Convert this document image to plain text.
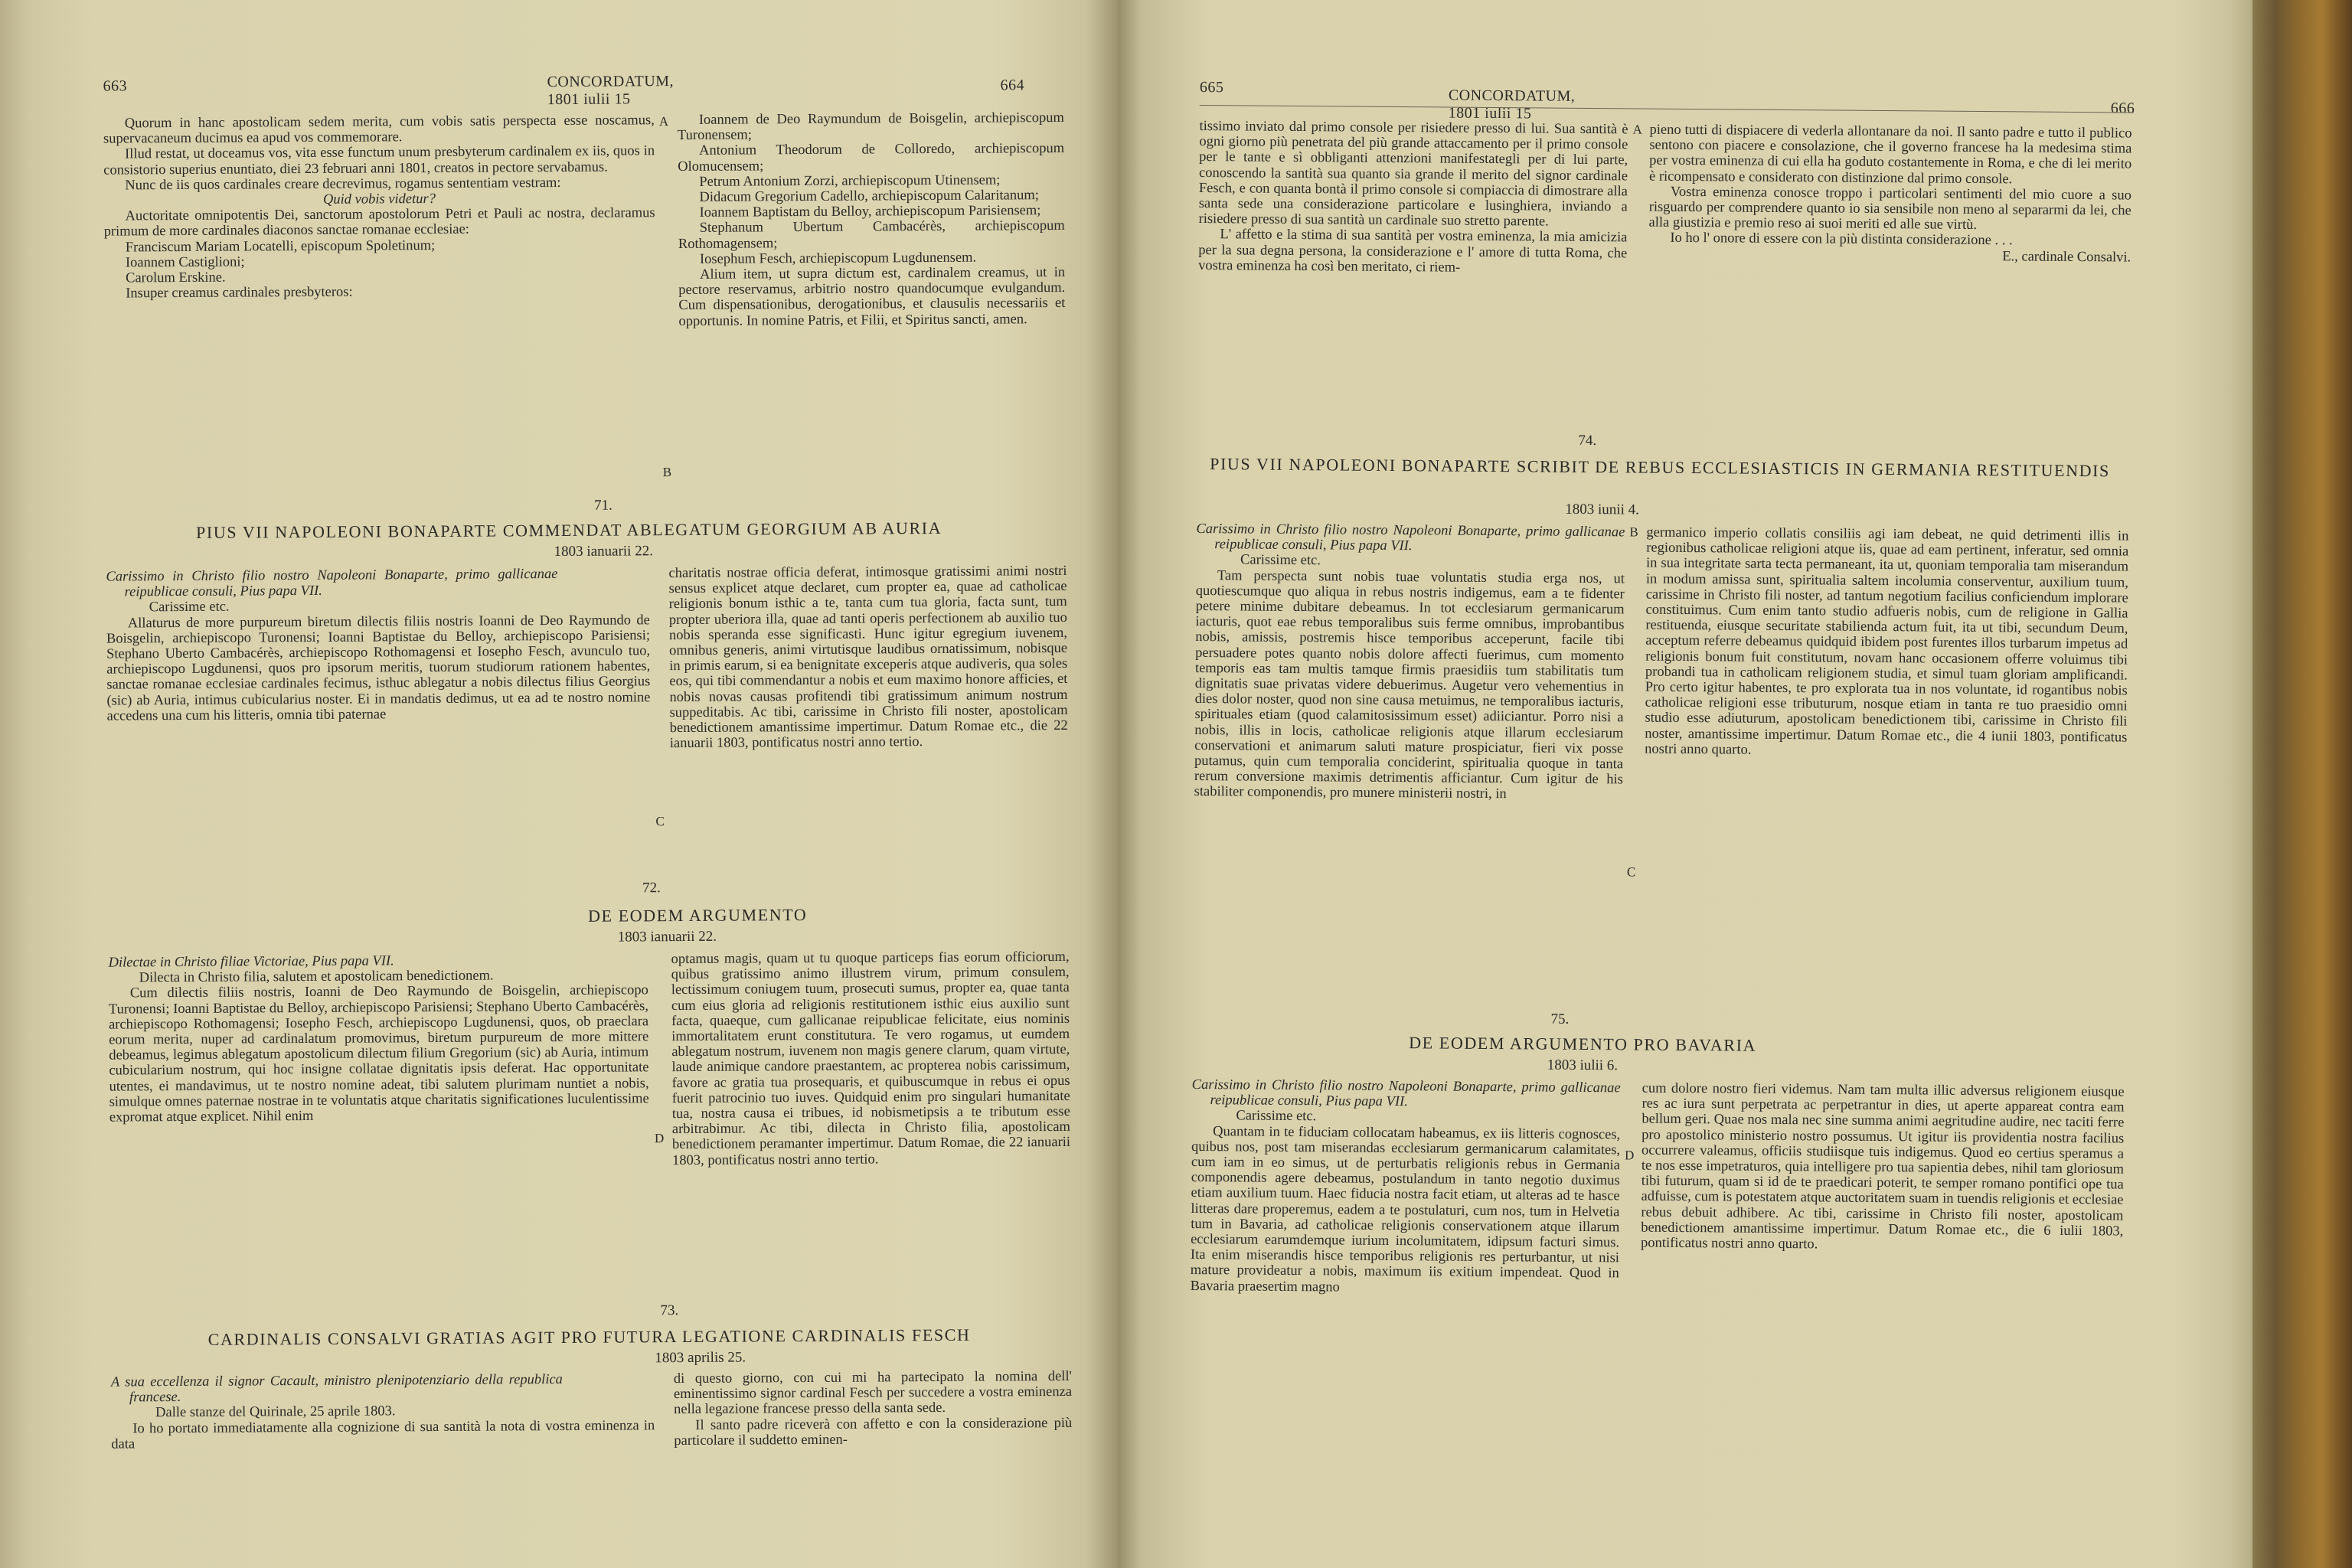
663	CONCORDATUM, 1801 iulii 15
664

Quorum in hanc apostolicam sedem merita, cum vobis satis perspecta esse noscamus, supervacaneum ducimus ea apud vos commemorare.

Illud restat, ut doceamus vos, vita esse functum unum presbyterum cardinalem ex iis, quos in consistorio superius enuntiato, diei 23 februari anni 1801, creatos in pectore servabamus.

Nunc de iis quos cardinales creare decrevimus, rogamus sententiam vestram:

Quid vobis videtur?

Auctoritate omnipotentis Dei, sanctorum apostolorum Petri et Pauli ac nostra, declaramus primum de more cardinales diaconos sanctae romanae ecclesiae:

Franciscum Mariam Locatelli, episcopum Spoletinum;

Ioannem Castiglioni;

Carolum Erskine.

Insuper creamus cardinales presbyteros:

Ioannem de Deo Raymundum de Boisgelin, archiepiscopum Turonensem;

Antonium Theodorum de Colloredo, archiepiscopum Olomucensem;

Petrum Antonium Zorzi, archiepiscopum Utinensem;

Didacum Gregorium Cadello, archiepiscopum Calaritanum;

Ioannem Baptistam du Belloy, archiepiscopum Parisiensem;

Stephanum Ubertum Cambacérès, archiepiscopum Rothomagensem;

Iosephum Fesch, archiepiscopum Lugdunensem.

Alium item, ut supra dictum est, cardinalem creamus, ut in pectore reservamus, arbitrio nostro quandocumque evulgandum. Cum dispensationibus, derogationibus, et clausulis necessariis et opportunis. In nomine Patris, et Filii, et Spiritus sancti, amen.

A
B
71.
PIUS VII NAPOLEONI BONAPARTE COMMENDAT ABLEGATUM GEORGIUM AB AURIA
1803 ianuarii 22.

Carissimo in Christo filio nostro Napoleoni Bonaparte, primo gallicanae reipublicae consuli, Pius papa VII.

Carissime etc.

Allaturus de more purpureum biretum dilectis filiis nostris Ioanni de Deo Raymundo de Boisgelin, archiepiscopo Turonensi; Ioanni Baptistae du Belloy, archiepiscopo Parisiensi; Stephano Uberto Cambacérès, archiepiscopo Rothomagensi et Iosepho Fesch, avunculo tuo, archiepiscopo Lugdunensi, quos pro ipsorum meritis, tuorum studiorum rationem habentes, sanctae romanae ecclesiae cardinales fecimus, isthuc ablegatur a nobis dilectus filius Georgius (sic) ab Auria, intimus cubicularius noster. Ei in mandatis dedimus, ut ea ad te nostro nomine accedens una cum his litteris, omnia tibi paternae

charitatis nostrae officia deferat, intimosque gratissimi animi nostri sensus explicet atque declaret, cum propter ea, quae ad catholicae religionis bonum isthic a te, tanta cum tua gloria, facta sunt, tum propter uberiora illa, quae ad tanti operis perfectionem ab auxilio tuo nobis speranda esse significasti. Hunc igitur egregium iuvenem, omnibus generis, animi virtutisque laudibus ornatissimum, nobisque in primis earum, si ea benignitate exceperis atque audiveris, qua soles eos, qui tibi commendantur a nobis et eum maximo honore afficies, et nobis novas causas profitendi tibi gratissimum animum nostrum suppeditabis. Ac tibi, carissime in Christo fili noster, apostolicam benedictionem amantissime impertimur. Datum Romae etc., die 22 ianuarii 1803, pontificatus nostri anno tertio.

C
72.
DE EODEM ARGUMENTO
1803 ianuarii 22.

Dilectae in Christo filiae Victoriae, Pius papa VII.

Dilecta in Christo filia, salutem et apostolicam benedictionem.

Cum dilectis filiis nostris, Ioanni de Deo Raymundo de Boisgelin, archiepiscopo Turonensi; Ioanni Baptistae du Belloy, archiepiscopo Parisiensi; Stephano Uberto Cambacérès, archiepiscopo Rothomagensi; Iosepho Fesch, archiepiscopo Lugdunensi, quos, ob praeclara eorum merita, nuper ad cardinalatum promovimus, biretum purpureum de more mittere debeamus, legimus ablegatum apostolicum dilectum filium Gregorium (sic) ab Auria, intimum cubicularium nostrum, qui hoc insigne collatae dignitatis ipsis deferat. Hac opportunitate utentes, ei mandavimus, ut te nostro nomine adeat, tibi salutem plurimam nuntiet a nobis, simulque omnes paternae nostrae in te voluntatis atque charitatis significationes luculentissime expromat atque explicet. Nihil enim

optamus magis, quam ut tu quoque particeps fias eorum officiorum, quibus gratissimo animo illustrem virum, primum consulem, lectissimum coniugem tuum, prosecuti sumus, propter ea, quae tanta cum eius gloria ad religionis restitutionem isthic eius auxilio sunt facta, quaeque, cum gallicanae reipublicae felicitate, eius nominis immortalitatem erunt constitutura. Te vero rogamus, ut eumdem ablegatum nostrum, iuvenem non magis genere clarum, quam virtute, laude animique candore praestantem, ac propterea nobis carissimum, favore ac gratia tua prosequaris, et quibuscumque in rebus ei opus fuerit patrocinio tuo iuves. Quidquid enim pro singulari humanitate tua, nostra causa ei tribues, id nobismetipsis a te tributum esse arbitrabimur. Ac tibi, dilecta in Christo filia, apostolicam benedictionem peramanter impertimur. Datum Romae, die 22 ianuarii 1803, pontificatus nostri anno tertio.

D
73.
CARDINALIS CONSALVI GRATIAS AGIT PRO FUTURA LEGATIONE CARDINALIS FESCH
1803 aprilis 25.

A sua eccellenza il signor Cacault, ministro plenipotenziario della republica francese.

Dalle stanze del Quirinale, 25 aprile 1803.

Io ho portato immediatamente alla cognizione di sua santità la nota di vostra eminenza in data

di questo giorno, con cui mi ha partecipato la nomina dell' eminentissimo signor cardinal Fesch per succedere a vostra eminenza nella legazione francese presso della santa sede.

Il santo padre riceverà con affetto e con la considerazione più particolare il suddetto eminen-

665	CONCORDATUM, 1801 iulii 15	666

tissimo inviato dal primo console per risiedere presso di lui. Sua santità è ogni giorno più penetrata del più grande attaccamento per il primo console per le tante e sì obbliganti attenzioni manifestategli per di lui parte, conoscendo la santità sua quanto sia grande il merito del signor cardinale Fesch, e con quanta bontà il primo console si compiaccia di dimostrare alla santa sede una considerazione particolare e lusinghiera, inviando a risiedere presso di sua santità un cardinale suo stretto parente.

L' affetto e la stima di sua santità per vostra eminenza, la mia amicizia per la sua degna persona, la considerazione e l' amore di tutta Roma, che vostra eminenza ha così ben meritato, ci riem-

pieno tutti di dispiacere di vederla allontanare da noi. Il santo padre e tutto il publico sentono con piacere e consolazione, che il governo francese ha la medesima stima per vostra eminenza di cui ella ha goduto costantemente in Roma, e che di lei merito è ricompensato e considerato con distinzione dal primo console.

Vostra eminenza conosce troppo i particolari sentimenti del mio cuore a suo risguardo per comprendere quanto io sia sensibile non meno al separarmi da lei, che alla giustizia e premio reso ai suoi meriti ed alle sue virtù.

Io ho l' onore di essere con la più distinta considerazione . . .

E., cardinale Consalvi.

A
74.
PIUS VII NAPOLEONI BONAPARTE SCRIBIT DE REBUS ECCLESIASTICIS IN GERMANIA RESTITUENDIS
1803 iunii 4.

Carissimo in Christo filio nostro Napoleoni Bonaparte, primo gallicanae reipublicae consuli, Pius papa VII.

Carissime etc.

Tam perspecta sunt nobis tuae voluntatis studia erga nos, ut quotiescumque quo aliqua in rebus nostris indigemus, eam a te fidenter petere minime dubitare debeamus. In tot ecclesiarum germanicarum iacturis, quot eae rebus temporalibus suis ferme omnibus, improbantibus nobis, amissis, postremis hisce temporibus acceperunt, facile tibi persuadere potes quanto nobis dolore affecti fuerimus, cum momento temporis eas tam multis tamque firmis praesidiis tum stabilitatis tum dignitatis suae privatas videre debuerimus. Augetur vero vehementius in dies dolor noster, quod non sine causa metuimus, ne temporalibus iacturis, spirituales etiam (quod calamitosissimum esset) adiiciantur. Porro nisi a nobis, illis in locis, catholicae religionis atque illarum ecclesiarum conservationi et animarum saluti mature prospiciatur, fieri vix posse putamus, quin cum temporalia conciderint, spiritualia quoque in tanta rerum conversione maximis detrimentis afficiantur. Cum igitur de his stabiliter componendis, pro munere ministerii nostri, in

germanico imperio collatis consiliis agi iam debeat, ne quid detrimenti illis in regionibus catholicae religioni atque iis, quae ad eam pertinent, inferatur, sed omnia in sua integritate sarta tecta permaneant, ita ut, quoniam temporalia tam miserandum in modum amissa sunt, spiritualia saltem incolumia conserventur, auxilium tuum, carissime in Christo fili noster, ad tantum negotium facilius conficiendum implorare constituimus. Cum enim tanto studio adfueris nobis, cum de religione in Gallia restituenda, eiusque securitate stabilienda actum fuit, ita ut tibi, secundum Deum, acceptum referre debeamus quidquid ibidem post furentes illos turbarum impetus ad religionis bonum fuit constitutum, novam hanc occasionem offerre voluimus tibi probandi tua in catholicam religionem studia, et simul tuam gloriam amplificandi. Pro certo igitur habentes, te pro explorata tua in nos voluntate, id rogantibus nobis catholicae religioni esse tributurum, nosque etiam in tanta re tuo praesidio omni studio esse adiuturum, apostolicam benedictionem tibi, carissime in Christo fili noster, amantissime impertimur. Datum Romae etc., die 4 iunii 1803, pontificatus nostri anno quarto.

B
C
75.
DE EODEM ARGUMENTO PRO BAVARIA
1803 iulii 6.

Carissimo in Christo filio nostro Napoleoni Bonaparte, primo gallicanae reipublicae consuli, Pius papa VII.

Carissime etc.

Quantam in te fiduciam collocatam habeamus, ex iis litteris cognosces, quibus nos, post tam miserandas ecclesiarum germanicarum calamitates, cum iam in eo simus, ut de perturbatis religionis rebus in Germania componendis agere debeamus, postulandum in tanto negotio duximus etiam auxilium tuum. Haec fiducia nostra facit etiam, ut alteras ad te hasce litteras dare properemus, eadem a te postulaturi, cum nos, tum in Helvetia tum in Bavaria, ad catholicae religionis conservationem atque illarum ecclesiarum earumdemque iurium incolumitatem, idipsum facturi simus. Ita enim miserandis hisce temporibus religionis res perturbantur, ut nisi mature provideatur a nobis, maximum iis exitium impendeat. Quod in Bavaria praesertim magno

cum dolore nostro fieri videmus. Nam tam multa illic adversus religionem eiusque res ac iura sunt perpetrata ac perpetrantur in dies, ut aperte appareat contra eam bellum geri. Quae nos mala nec sine summa animi aegritudine audire, nec taciti ferre pro apostolico ministerio nostro possumus. Ut igitur iis providentia nostra facilius occurrere valeamus, officiis studiisque tuis indigemus. Quod eo certius speramus a te nos esse impetraturos, quia intelligere pro tua sapientia debes, nihil tam gloriosum tibi futurum, quam si id de te praedicari poterit, te semper romano pontifici ope tua adfuisse, cum is potestatem atque auctoritatem suam in tuendis religionis et ecclesiae rebus debuit adhibere. Ac tibi, carissime in Christo fili noster, apostolicam benedictionem amantissime impertimur. Datum Romae etc., die 6 iulii 1803, pontificatus nostri anno quarto.

D
